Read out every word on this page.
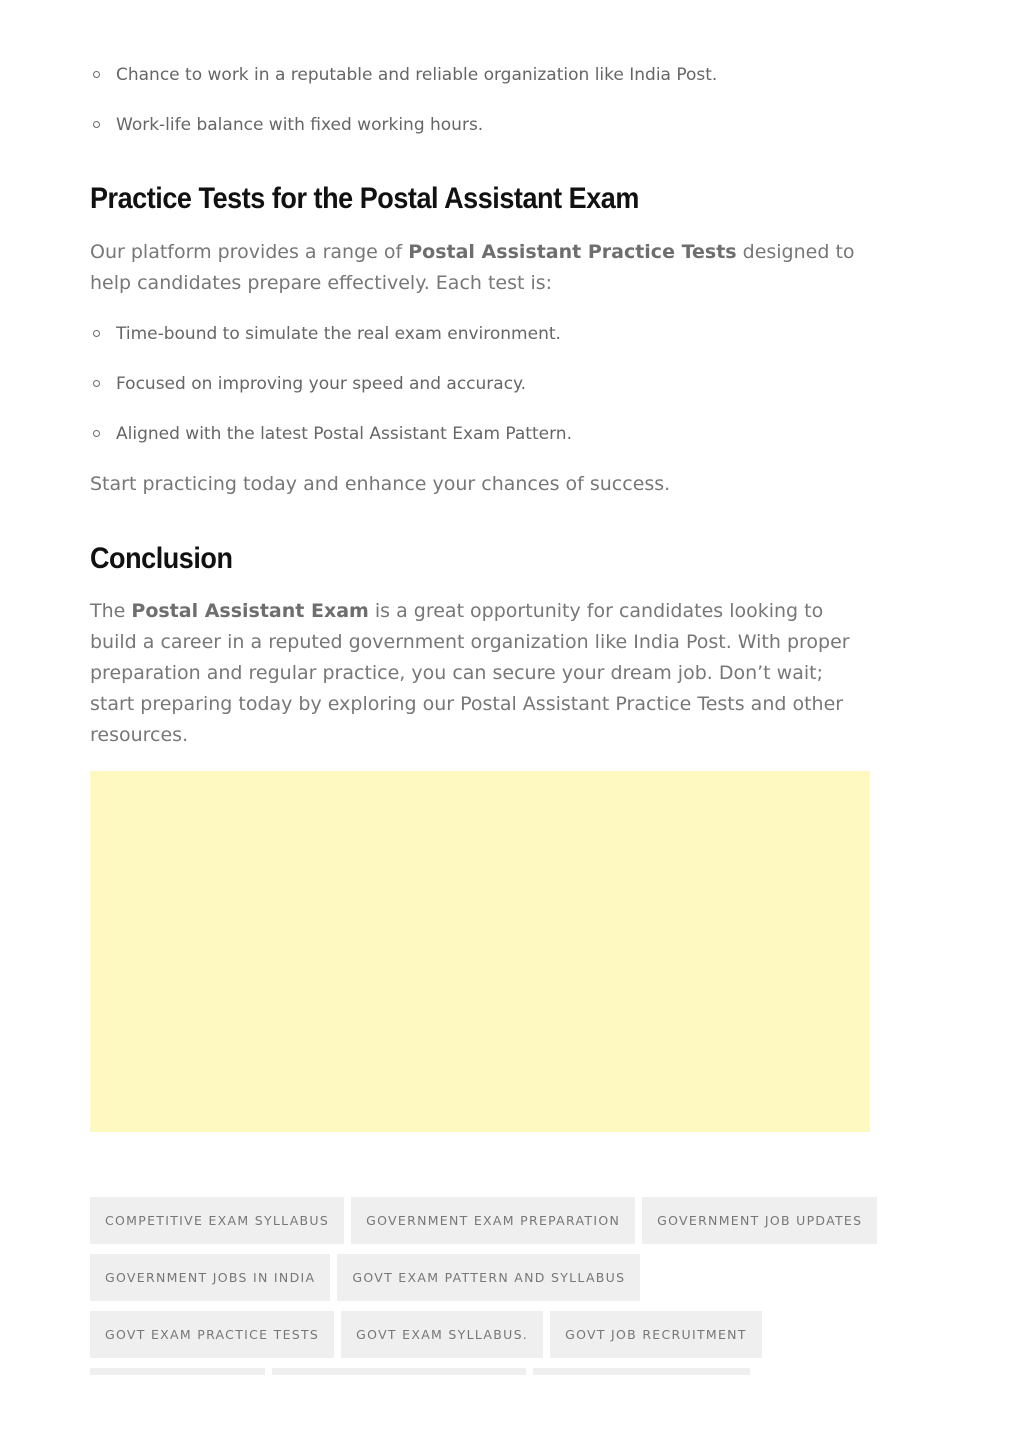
Chance to work in a reputable and reliable organization like India Post.
Work-life balance with fixed working hours.
Practice Tests for the Postal Assistant Exam

Our platform provides a range of Postal Assistant Practice Tests designed to help candidates prepare effectively. Each test is:

Time-bound to simulate the real exam environment.
Focused on improving your speed and accuracy.
Aligned with the latest Postal Assistant Exam Pattern.

Start practicing today and enhance your chances of success.

Conclusion

The Postal Assistant Exam is a great opportunity for candidates looking to build a career in a reputed government organization like India Post. With proper preparation and regular practice, you can secure your dream job. Don’t wait; start preparing today by exploring our Postal Assistant Practice Tests and other resources.

COMPETITIVE EXAM SYLLABUS	GOVERNMENT EXAM PREPARATION	GOVERNMENT JOB UPDATES
GOVERNMENT JOBS IN INDIA	GOVT EXAM PATTERN AND SYLLABUS
GOVT EXAM PRACTICE TESTS	GOVT EXAM SYLLABUS.	GOVT JOB RECRUITMENT
